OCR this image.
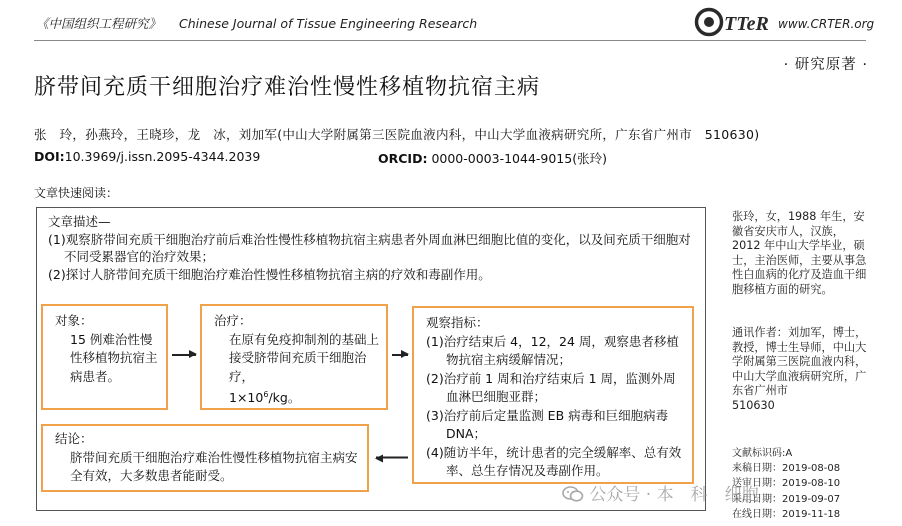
《中国组织工程研究》 Chinese Journal of Tissue Engineering Research	TTeR www.CRTER.org
· 研究原著 ·
脐带间充质干细胞治疗难治性慢性移植物抗宿主病
张　玲，孙燕玲，王晓珍，龙　冰，刘加军(中山大学附属第三医院血液内科，中山大学血液病研究所，广东省广州市　510630)
DOI:10.3969/j.issn.2095-4344.2039	ORCID: 0000-0003-1044-9015(张玲)
文章快速阅读：
文章描述—
(1)观察脐带间充质干细胞治疗前后难治性慢性移植物抗宿主病患者外周血淋巴细胞比值的变化，以及间充质干细胞对不同受累器官的治疗效果；
(2)探讨人脐带间充质干细胞治疗难治性慢性移植物抗宿主病的疗效和毒副作用。
对象：
15 例难治性慢性移植物抗宿主病患者。
治疗：
在原有免疫抑制剂的基础上接受脐带间充质干细胞治疗，
$1\times 10^6/kg$。
观察指标：
(1)治疗结束后 4，12，24 周，观察患者移植物抗宿主病缓解情况；
(2)治疗前 1 周和治疗结束后 1 周，监测外周血淋巴细胞亚群；
(3)治疗前后定量监测 EB 病毒和巨细胞病毒 DNA；
(4)随访半年，统计患者的完全缓解率、总有效率、总生存情况及毒副作用。
结论：
脐带间充质干细胞治疗难治性慢性移植物抗宿主病安全有效，大多数患者能耐受。
张玲，女，1988 年生，安徽省安庆市人，汉族，2012 年中山大学毕业，硕士，主治医师，主要从事急性白血病的化疗及造血干细胞移植方面的研究。
通讯作者：刘加军，博士，教授，博士生导师，中山大学附属第三医院血液内科，中山大学血液病研究所，广东省广州市
510630
文献标识码:A
来稿日期：2019-08-08
送审日期：2019-08-10
采用日期：2019-09-07
在线日期：2019-11-18
公众号 · 本　科　细胞
